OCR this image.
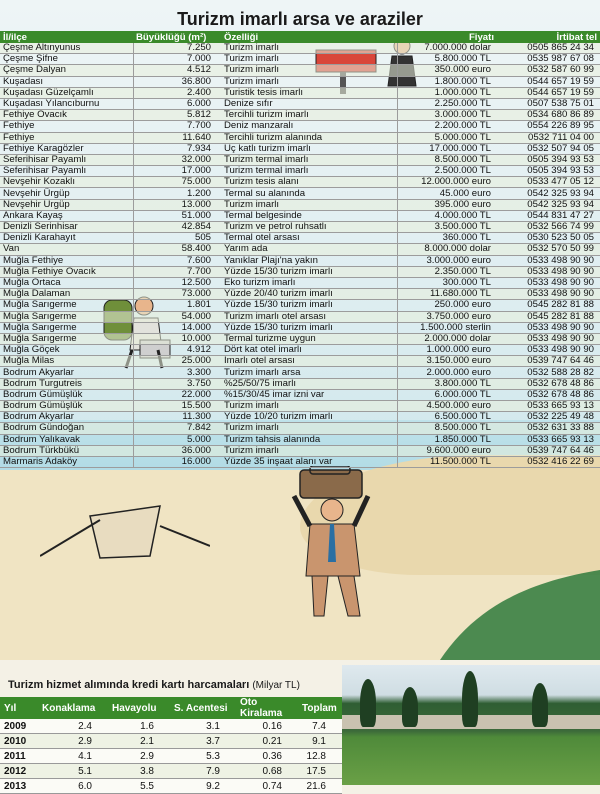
Turizm imarlı arsa ve araziler
İl/ilçe	Büyüklüğü (m²)	Özelliği	Fiyatı	İrtibat tel
Çeşme Altınyunus	7.250	Turizm imarlı	7.000.000 dolar	0505 865 24 34
Çeşme Şifne	7.000	Turizm imarlı	5.800.000 TL	0535 987 67 08
Çeşme Dalyan	4.512	Turizm imarlı	350.000 euro	0532 587 60 99
Kuşadası	36.800	Turizm imarlı	1.800.000 TL	0544 657 19 59
Kuşadası Güzelçamlı	2.400	Turistik tesis imarlı	1.000.000 TL	0544 657 19 59
Kuşadası Yılancıburnu	6.000	Denize sıfır	2.250.000 TL	0507 538 75 01
Fethiye Ovacık	5.812	Tercihli turizm imarlı	3.000.000 TL	0534 680 86 89
Fethiye	7.700	Deniz manzaralı	2.200.000 TL	0554 226 89 95
Fethiye	11.640	Tercihli turizm alanında	5.000.000 TL	0532 711 04 00
Fethiye Karagözler	7.934	Üç katlı turizm imarlı	17.000.000 TL	0532 507 94 05
Seferihisar Payamlı	32.000	Turizm termal imarlı	8.500.000 TL	0505 394 93 53
Seferihisar Payamlı	17.000	Turizm termal imarlı	2.500.000 TL	0505 394 93 53
Nevşehir Kozaklı	75.000	Turizm tesis alanı	12.000.000 euro	0533 477 05 12
Nevşehir Ürgüp	1.200	Termal su alanında	45.000 euro	0542 325 93 94
Nevşehir Ürgüp	13.000	Turizm imarlı	395.000 euro	0542 325 93 94
Ankara Kayaş	51.000	Termal belgesinde	4.000.000 TL	0544 831 47 27
Denizli Serinhisar	42.854	Turizm ve petrol ruhsatlı	3.500.000 TL	0532 566 74 99
Denizli Karahayıt	505	Termal otel arsası	360.000 TL	0530 523 50 05
Van	58.400	Yarım ada	8.000.000 dolar	0532 570 50 99
Muğla Fethiye	7.600	Yanıklar Plajı'na yakın	3.000.000 euro	0533 498 90 90
Muğla Fethiye Ovacık	7.700	Yüzde 15/30 turizm imarlı	2.350.000 TL	0533 498 90 90
Muğla Ortaca	12.500	Eko turizm imarlı	300.000 TL	0533 498 90 90
Muğla Dalaman	73.000	Yüzde 20/40 turizm imarlı	11.680.000 TL	0533 498 90 90
Muğla Sarıgerme	1.801	Yüzde 15/30 turizm imarlı	250.000 euro	0545 282 81 88
Muğla Sarıgerme	54.000	Turizm imarlı otel arsası	3.750.000 euro	0545 282 81 88
Muğla Sarıgerme	14.000	Yüzde 15/30 turizm imarlı	1.500.000 sterlin	0533 498 90 90
Muğla Sarıgerme	10.000	Termal turizme uygun	2.000.000 dolar	0533 498 90 90
Muğla Göçek	4.912	Dört kat otel imarlı	1.000.000 euro	0533 498 90 90
Muğla Milas	25.000	İmarlı otel arsası	3.150.000 euro	0539 747 64 46
Bodrum Akyarlar	3.300	Turizm imarlı arsa	2.000.000 euro	0532 588 28 82
Bodrum Turgutreis	3.750	%25/50/75 imarlı	3.800.000 TL	0532 678 48 86
Bodrum Gümüşlük	22.000	%15/30/45 imar izni var	6.000.000 TL	0532 678 48 86
Bodrum Gümüşlük	15.500	Turizm imarlı	4.500.000 euro	0533 665 93 13
Bodrum Akyarlar	11.300	Yüzde 10/20 turizm imarlı	6.500.000 TL	0532 225 49 48
Bodrum Gündoğan	7.842	Turizm imarlı	8.500.000 TL	0532 631 33 88
Bodrum Yalıkavak	5.000	Turizm tahsis alanında	1.850.000 TL	0533 665 93 13
Bodrum Türkbükü	36.000	Turizm imarlı	9.600.000 euro	0539 747 64 46
Marmaris Adaköy	16.000	Yüzde 35 inşaat alanı var	11.500.000 TL	0532 416 22 69
Turizm hizmet alımında kredi kartı harcamaları (Milyar TL)
Yıl	Konaklama	Havayolu	S. Acentesi	Oto Kiralama	Toplam
2009	2.4	1.6	3.1	0.16	7.4
2010	2.9	2.1	3.7	0.21	9.1
2011	4.1	2.9	5.3	0.36	12.8
2012	5.1	3.8	7.9	0.68	17.5
2013	6.0	5.5	9.2	0.74	21.6
